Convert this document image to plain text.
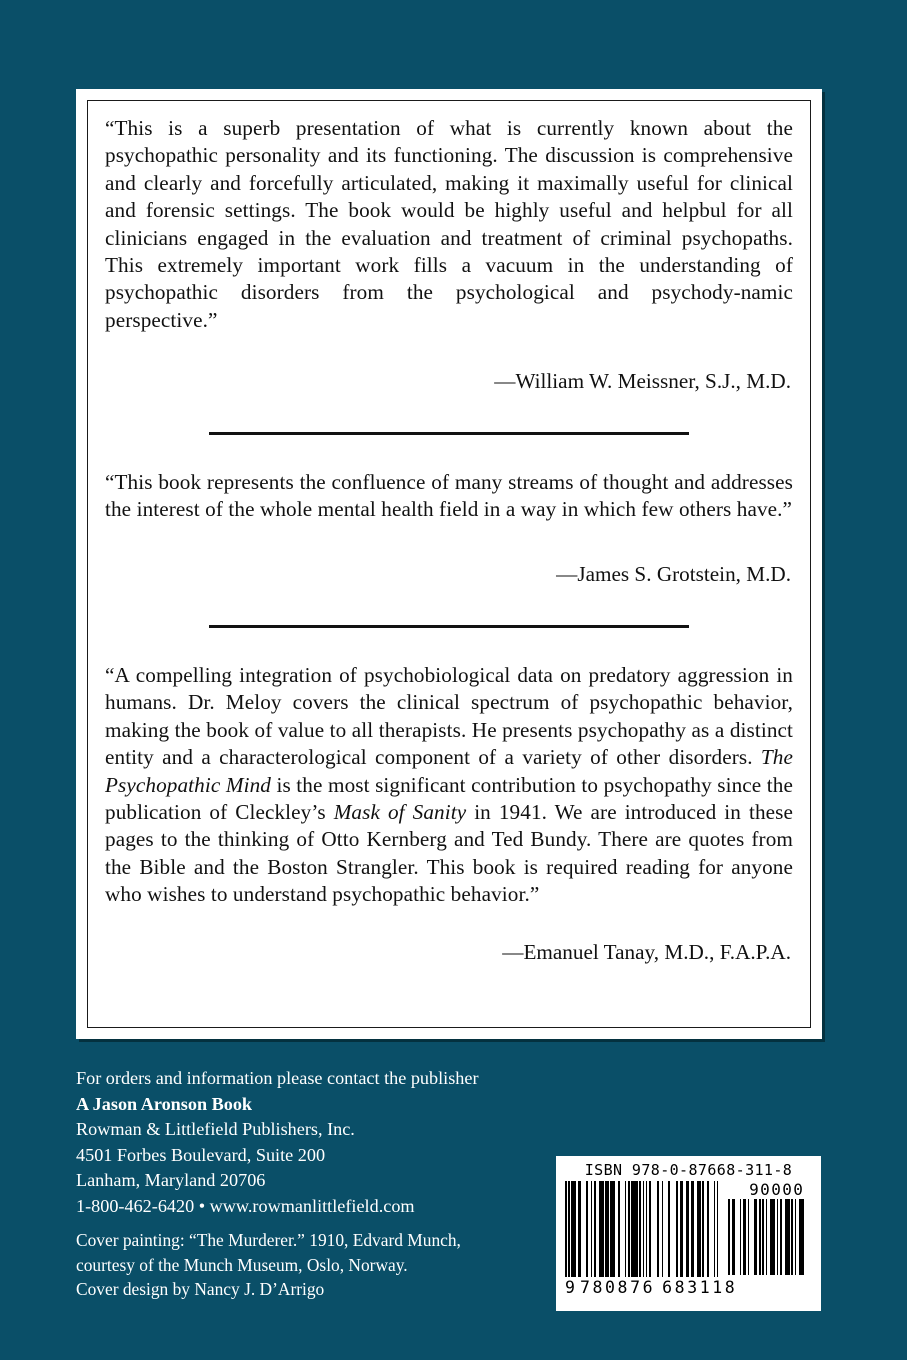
“This is a superb presentation of what is currently known about the psychopathic personality and its functioning. The discussion is comprehensive and clearly and forcefully articulated, making it maximally useful for clinical and forensic settings. The book would be highly useful and helpbul for all clinicians engaged in the evaluation and treatment of criminal psychopaths. This extremely important work fills a vacuum in the understanding of psychopathic disorders from the psychological and psychody-namic perspective.”

—William W. Meissner, S.J., M.D.

“This book represents the confluence of many streams of thought and addresses the interest of the whole mental health field in a way in which few others have.”

—James S. Grotstein, M.D.

“A compelling integration of psychobiological data on predatory aggression in humans. Dr. Meloy covers the clinical spectrum of psychopathic behavior, making the book of value to all therapists. He presents psychopathy as a distinct entity and a characterological component of a variety of other disorders. The Psychopathic Mind is the most significant contribution to psychopathy since the publication of Cleckley’s Mask of Sanity in 1941. We are introduced in these pages to the thinking of Otto Kernberg and Ted Bundy. There are quotes from the Bible and the Boston Strangler. This book is required reading for anyone who wishes to understand psychopathic behavior.”

—Emanuel Tanay, M.D., F.A.P.A.

For orders and information please contact the publisher
A Jason Aronson Book
Rowman & Littlefield Publishers, Inc.
4501 Forbes Boulevard, Suite 200
Lanham, Maryland 20706
1-800-462-6420 • www.rowmanlittlefield.com
Cover painting: “The Murderer.” 1910, Edvard Munch,
courtesy of the Munch Museum, Oslo, Norway.
Cover design by Nancy J. D’Arrigo
ISBN 978-0-87668-311-8
90000
9 780876 683118
